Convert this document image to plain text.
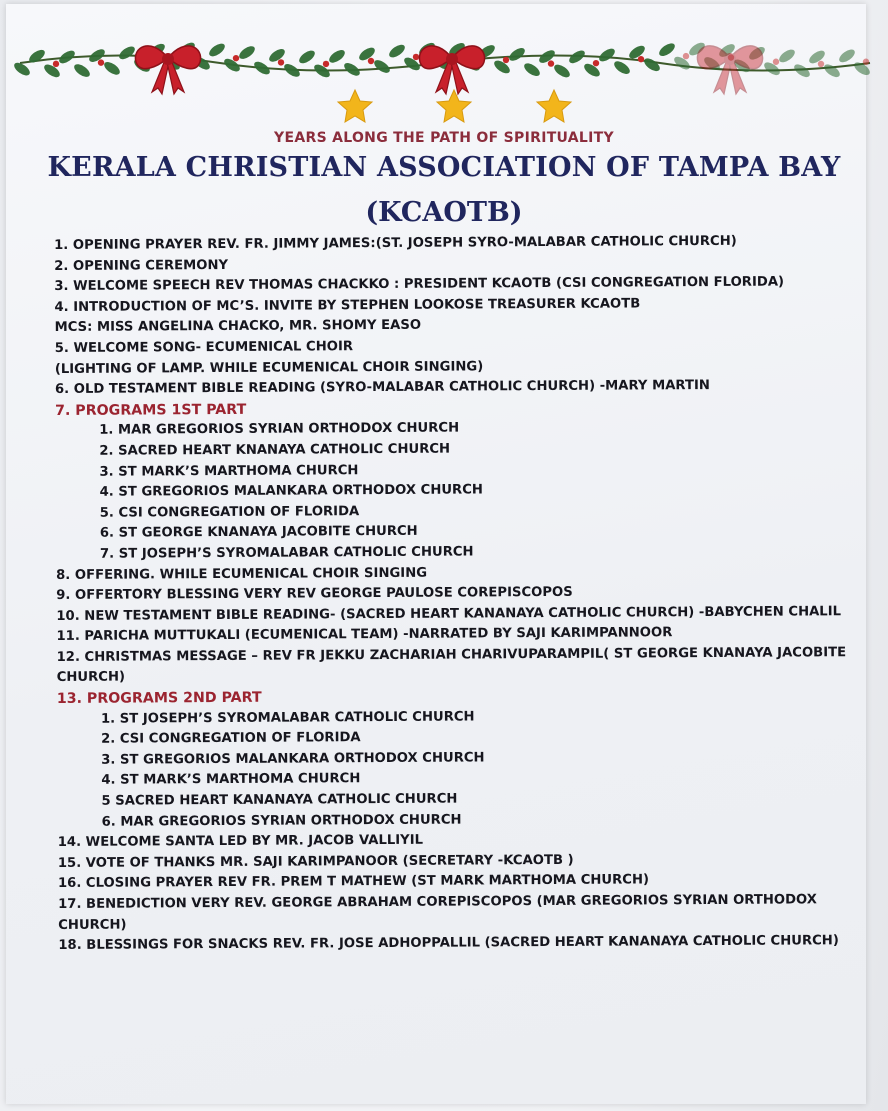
YEARS ALONG THE PATH OF SPIRITUALITY
KERALA CHRISTIAN ASSOCIATION OF TAMPA BAY
(KCAOTB)
1. OPENING PRAYER REV. FR. JIMMY JAMES:(ST. JOSEPH SYRO-MALABAR CATHOLIC CHURCH)
2. OPENING CEREMONY
3. WELCOME SPEECH REV THOMAS CHACKKO : PRESIDENT KCAOTB (CSI CONGREGATION FLORIDA)
4. INTRODUCTION OF MC’S. INVITE BY STEPHEN LOOKOSE TREASURER KCAOTB
MCS: MISS ANGELINA CHACKO, MR. SHOMY EASO
5. WELCOME SONG- ECUMENICAL CHOIR
(LIGHTING OF LAMP. WHILE ECUMENICAL CHOIR SINGING)
6. OLD TESTAMENT BIBLE READING (SYRO-MALABAR CATHOLIC CHURCH) -MARY MARTIN
7. PROGRAMS 1ST PART
1. MAR GREGORIOS SYRIAN ORTHODOX CHURCH
2. SACRED HEART KNANAYA CATHOLIC CHURCH
3. ST MARK’S MARTHOMA CHURCH
4. ST GREGORIOS MALANKARA ORTHODOX CHURCH
5. CSI CONGREGATION OF FLORIDA
6. ST GEORGE KNANAYA JACOBITE CHURCH
7. ST JOSEPH’S SYROMALABAR CATHOLIC CHURCH
8. OFFERING. WHILE ECUMENICAL CHOIR SINGING
9. OFFERTORY BLESSING VERY REV GEORGE PAULOSE COREPISCOPOS
10. NEW TESTAMENT BIBLE READING- (SACRED HEART KANANAYA CATHOLIC CHURCH) -BABYCHEN CHALIL
11. PARICHA MUTTUKALI (ECUMENICAL TEAM) -NARRATED BY SAJI KARIMPANNOOR
12. CHRISTMAS MESSAGE – REV FR JEKKU ZACHARIAH CHARIVUPARAMPIL( ST GEORGE KNANAYA JACOBITE CHURCH)
13. PROGRAMS 2ND PART
1. ST JOSEPH’S SYROMALABAR CATHOLIC CHURCH
2. CSI CONGREGATION OF FLORIDA
3. ST GREGORIOS MALANKARA ORTHODOX CHURCH
4. ST MARK’S MARTHOMA CHURCH
5 SACRED HEART KANANAYA CATHOLIC CHURCH
6. MAR GREGORIOS SYRIAN ORTHODOX CHURCH
14. WELCOME SANTA LED BY MR. JACOB VALLIYIL
15. VOTE OF THANKS MR. SAJI KARIMPANOOR (SECRETARY -KCAOTB )
16. CLOSING PRAYER REV FR. PREM T MATHEW (ST MARK MARTHOMA CHURCH)
17. BENEDICTION VERY REV. GEORGE ABRAHAM COREPISCOPOS (MAR GREGORIOS SYRIAN ORTHODOX CHURCH)
18. BLESSINGS FOR SNACKS REV. FR. JOSE ADHOPPALLIL (SACRED HEART KANANAYA CATHOLIC CHURCH)
